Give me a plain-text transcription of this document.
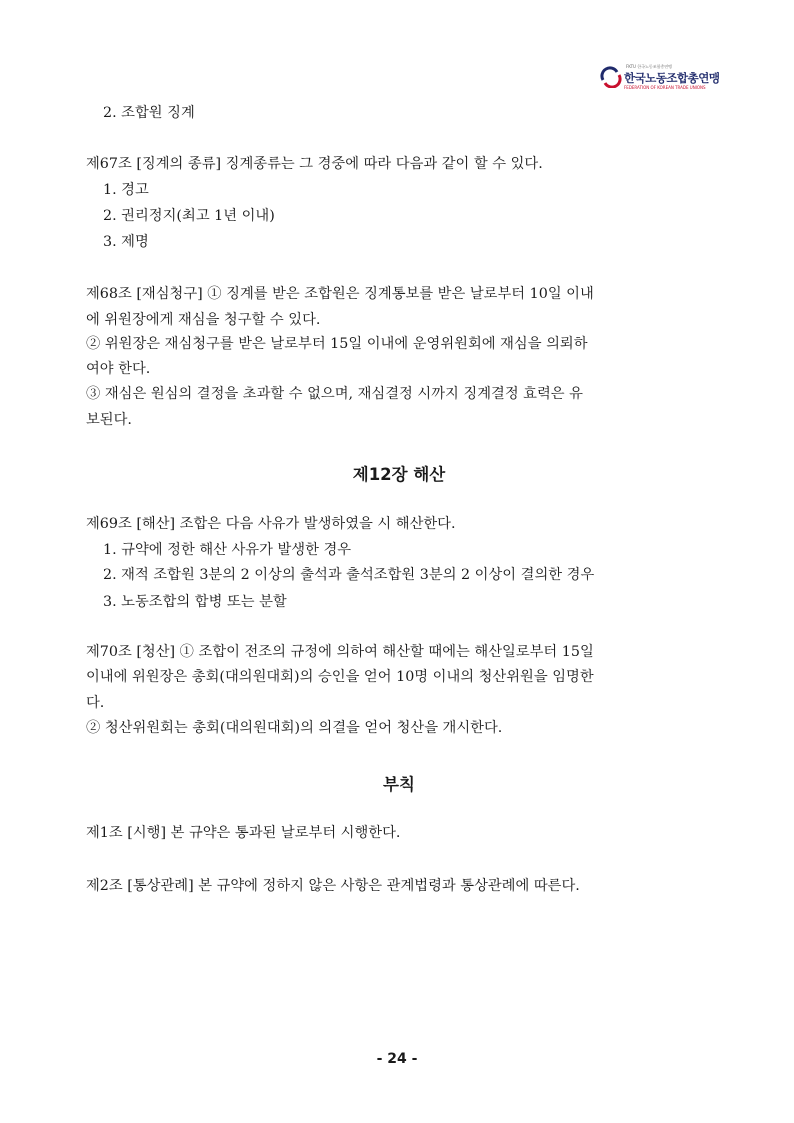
FKTU 한국노동조합총연맹
한국노동조합총연맹
FEDERATION OF KOREAN TRADE UNIONS
2. 조합원 징계
제67조 [징계의 종류] 징계종류는 그 경중에 따라 다음과 같이 할 수 있다.
1. 경고
2. 권리정지(최고 1년 이내)
3. 제명
제68조 [재심청구] ① 징계를 받은 조합원은 징계통보를 받은 날로부터 10일 이내
에 위원장에게 재심을 청구할 수 있다.
② 위원장은 재심청구를 받은 날로부터 15일 이내에 운영위원회에 재심을 의뢰하
여야 한다.
③ 재심은 원심의 결정을 초과할 수 없으며, 재심결정 시까지 징계결정 효력은 유
보된다.
제12장 해산
제69조 [해산] 조합은 다음 사유가 발생하였을 시 해산한다.
1. 규약에 정한 해산 사유가 발생한 경우
2. 재적 조합원 3분의 2 이상의 출석과 출석조합원 3분의 2 이상이 결의한 경우
3. 노동조합의 합병 또는 분할
제70조 [청산] ① 조합이 전조의 규정에 의하여 해산할 때에는 해산일로부터 15일
이내에 위원장은 총회(대의원대회)의 승인을 얻어 10명 이내의 청산위원을 임명한
다.
② 청산위원회는 총회(대의원대회)의 의결을 얻어 청산을 개시한다.
부칙
제1조 [시행] 본 규약은 통과된 날로부터 시행한다.
제2조 [통상관례] 본 규약에 정하지 않은 사항은 관계법령과 통상관례에 따른다.
- 24 -
